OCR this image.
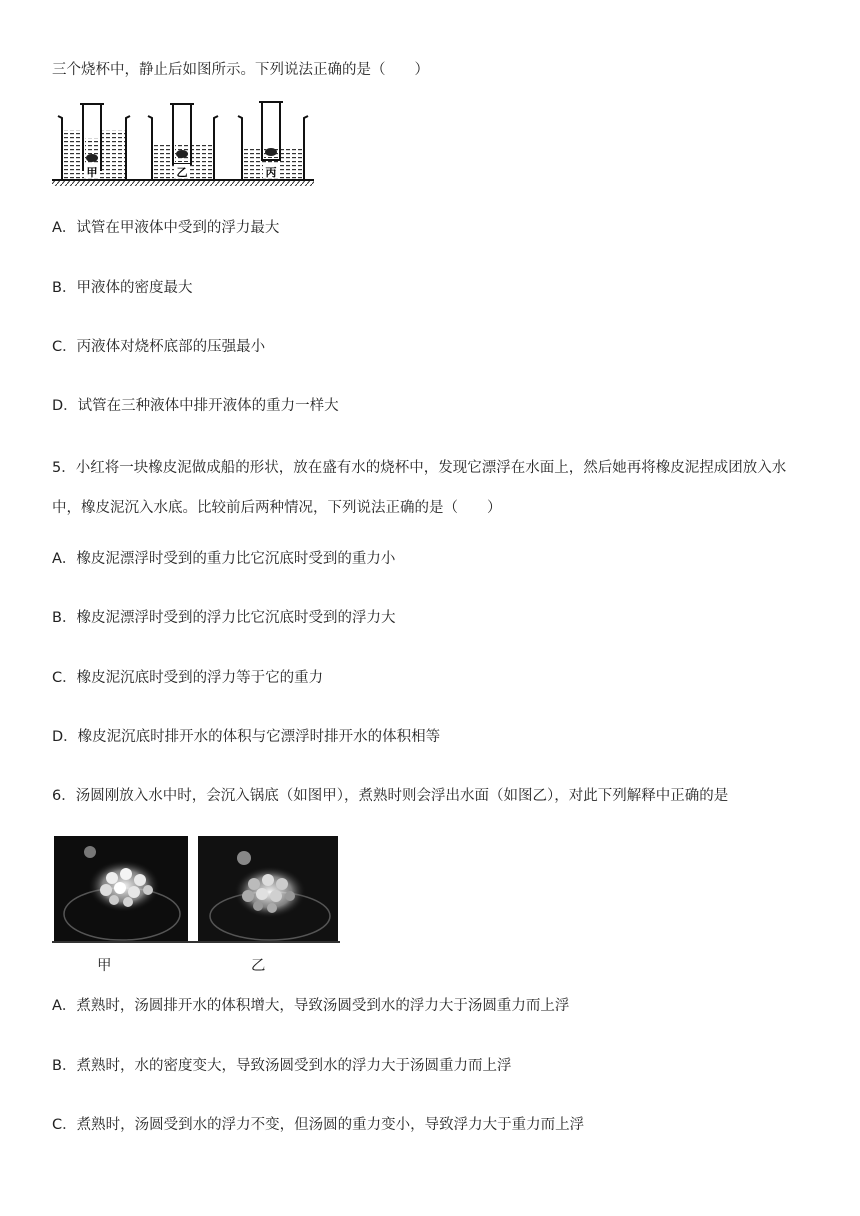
三个烧杯中，静止后如图所示。下列说法正确的是（　　）
甲	乙	丙
A．试管在甲液体中受到的浮力最大
B．甲液体的密度最大
C．丙液体对烧杯底部的压强最小
D．试管在三种液体中排开液体的重力一样大
5．小红将一块橡皮泥做成船的形状，放在盛有水的烧杯中，发现它漂浮在水面上，然后她再将橡皮泥捏成团放入水中，橡皮泥沉入水底。比较前后两种情况，下列说法正确的是（　　）
A．橡皮泥漂浮时受到的重力比它沉底时受到的重力小
B．橡皮泥漂浮时受到的浮力比它沉底时受到的浮力大
C．橡皮泥沉底时受到的浮力等于它的重力
D．橡皮泥沉底时排开水的体积与它漂浮时排开水的体积相等
6．汤圆刚放入水中时，会沉入锅底（如图甲），煮熟时则会浮出水面（如图乙），对此下列解释中正确的是
甲	乙
A．煮熟时，汤圆排开水的体积增大，导致汤圆受到水的浮力大于汤圆重力而上浮
B．煮熟时，水的密度变大，导致汤圆受到水的浮力大于汤圆重力而上浮
C．煮熟时，汤圆受到水的浮力不变，但汤圆的重力变小，导致浮力大于重力而上浮
